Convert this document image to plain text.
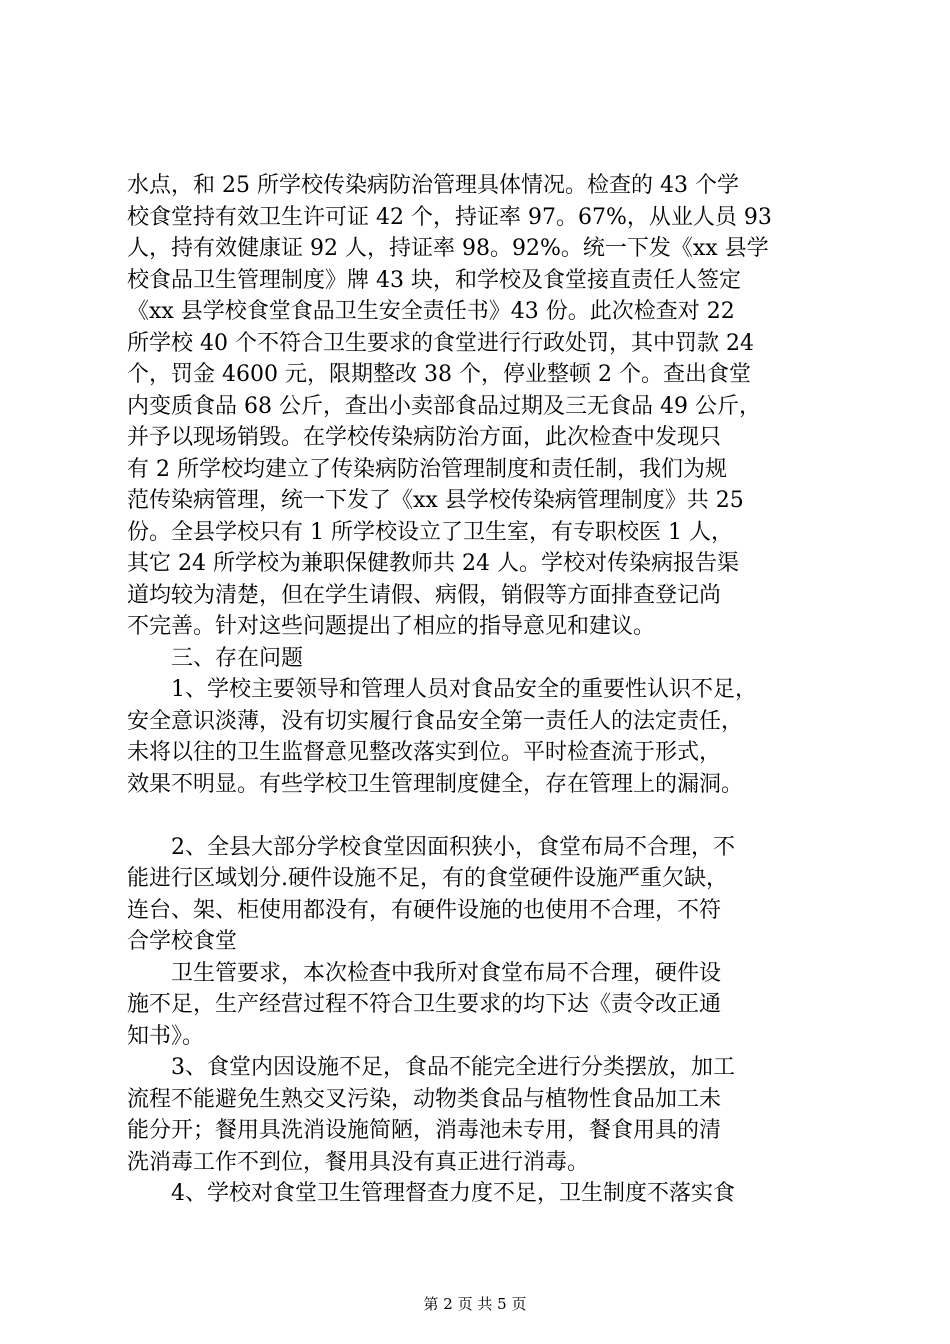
水点，和 25 所学校传染病防治管理具体情况。检查的 43 个学
校食堂持有效卫生许可证 42 个，持证率 97。67%，从业人员 93
人，持有效健康证 92 人，持证率 98。92%。统一下发《xx 县学
校食品卫生管理制度》牌 43 块，和学校及食堂接直责任人签定
《xx 县学校食堂食品卫生安全责任书》43 份。此次检查对 22
所学校 40 个不符合卫生要求的食堂进行行政处罚，其中罚款 24
个，罚金 4600 元，限期整改 38 个，停业整顿 2 个。查出食堂
内变质食品 68 公斤，查出小卖部食品过期及三无食品 49 公斤，
并予以现场销毁。在学校传染病防治方面，此次检查中发现只
有 2 所学校均建立了传染病防治管理制度和责任制，我们为规
范传染病管理，统一下发了《xx 县学校传染病管理制度》共 25
份。全县学校只有 1 所学校设立了卫生室，有专职校医 1 人，
其它 24 所学校为兼职保健教师共 24 人。学校对传染病报告渠
道均较为清楚，但在学生请假、病假，销假等方面排查登记尚
不完善。针对这些问题提出了相应的指导意见和建议。
　　三、存在问题
　　1、学校主要领导和管理人员对食品安全的重要性认识不足，
安全意识淡薄，没有切实履行食品安全第一责任人的法定责任，
未将以往的卫生监督意见整改落实到位。平时检查流于形式，
效果不明显。有些学校卫生管理制度健全，存在管理上的漏洞。
　　2、全县大部分学校食堂因面积狭小，食堂布局不合理，不
能进行区域划分.硬件设施不足，有的食堂硬件设施严重欠缺，
连台、架、柜使用都没有，有硬件设施的也使用不合理，不符
合学校食堂
　　卫生管要求，本次检查中我所对食堂布局不合理，硬件设
施不足，生产经营过程不符合卫生要求的均下达《责令改正通
知书》。
　　3、食堂内因设施不足，食品不能完全进行分类摆放，加工
流程不能避免生熟交叉污染，动物类食品与植物性食品加工未
能分开；餐用具洗消设施简陋，消毒池未专用，餐食用具的清
洗消毒工作不到位，餐用具没有真正进行消毒。
　　4、学校对食堂卫生管理督查力度不足，卫生制度不落实食
第 2 页 共 5 页
